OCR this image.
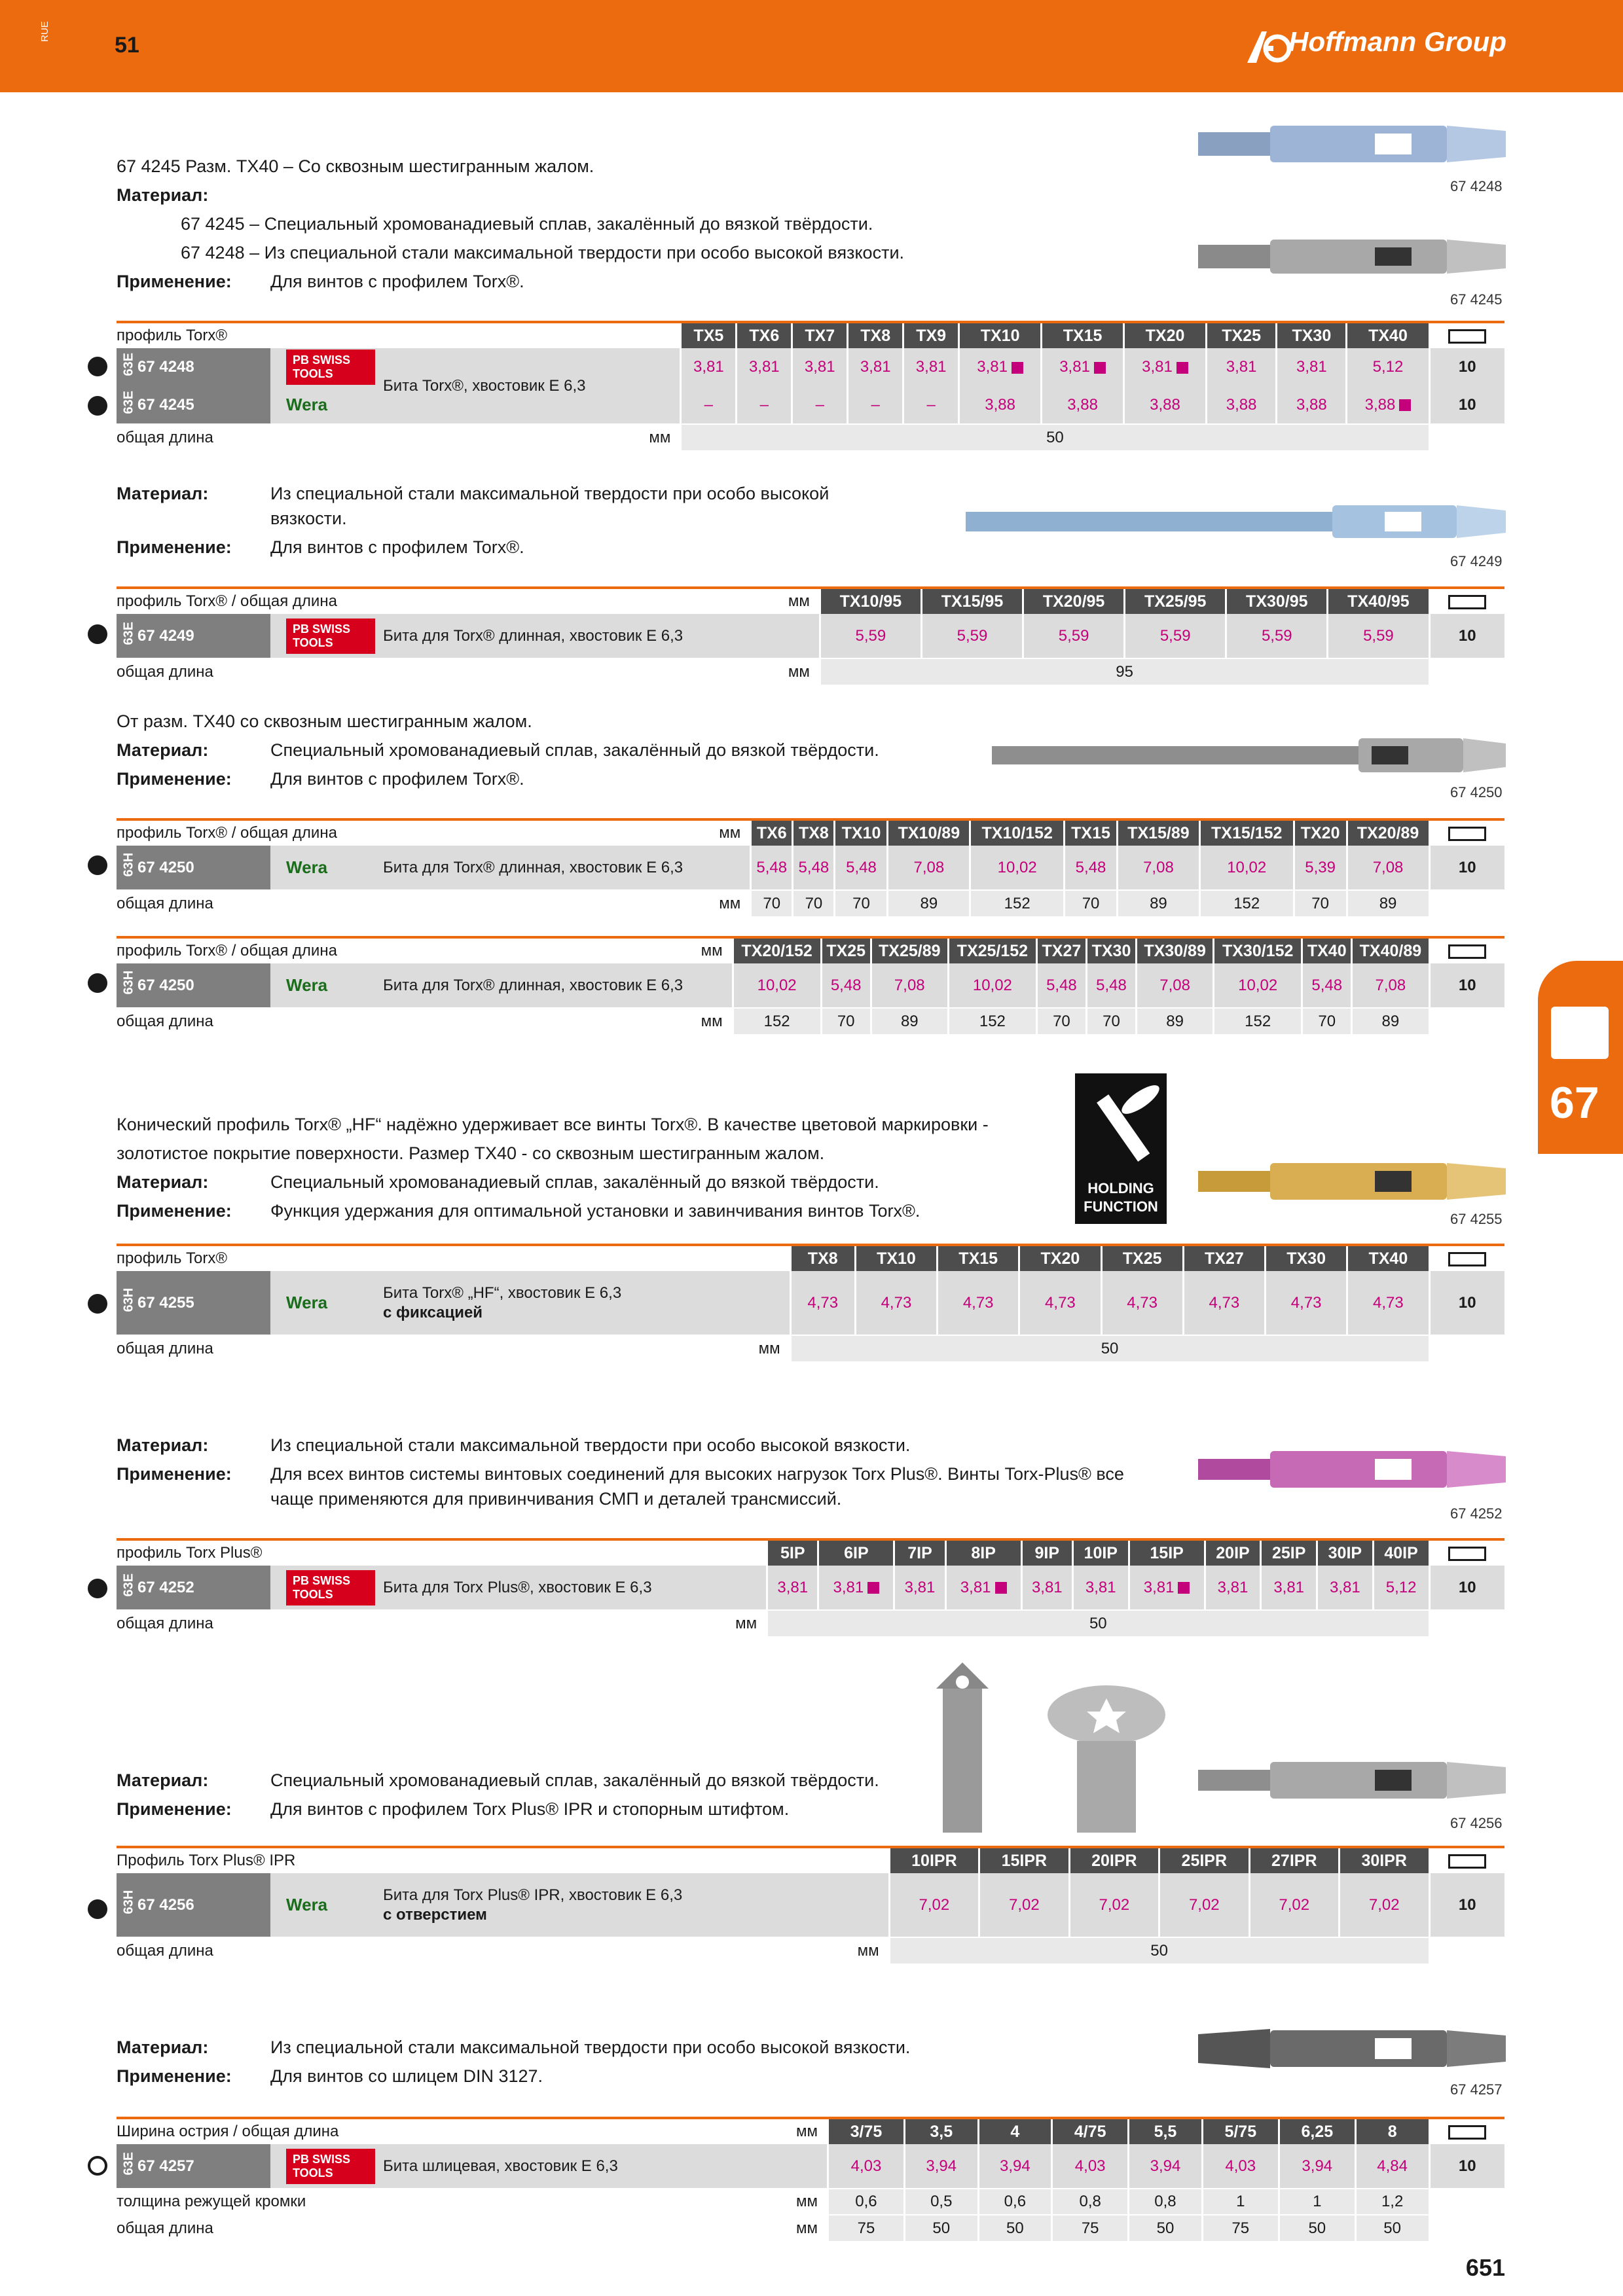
RUE
51	Hoffmann Group
67
67 4245 Разм. TX40 – Со сквозным шестигранным жалом.
Материал:
67 4245 – Специальный хромованадиевый сплав, закалённый до вязкой твёрдости.
67 4248 – Из специальной стали максимальной твердости при особо высокой вязкости.
Применение:	Для винтов с профилем Torx®.
67 4248
67 4245
профиль Torx®				TX5	TX6	TX7	TX8	TX9	TX10	TX15	TX20	TX25	TX30	TX40	
63E 67 4248	PB SWISS TOOLS	Бита Torx®, хвостовик E 6,3		3,81	3,81	3,81	3,81	3,81	3,81	3,81	3,81	3,81	3,81	5,12	10
63E 67 4245	Wera			–	–	–	–	–	3,88	3,88	3,88	3,88	3,88	3,88	10
общая длина			мм	50											
Материал:	Из специальной стали максимальной твердости при особо высокой
вязкости.
Применение:	Для винтов с профилем Torx®.
67 4249
профиль Torx® / общая длина			мм	TX10/95	TX15/95	TX20/95	TX25/95	TX30/95	TX40/95	
63E 67 4249	PB SWISS TOOLS	Бита для Torx® длинная, хвостовик E 6,3		5,59	5,59	5,59	5,59	5,59	5,59	10
общая длина			мм	95						
От разм. TX40 со сквозным шестигранным жалом.
Материал:	Специальный хромованадиевый сплав, закалённый до вязкой твёрдости.
Применение:	Для винтов с профилем Torx®.
67 4250
профиль Torx® / общая длина			мм	TX6	TX8	TX10	TX10/89	TX10/152	TX15	TX15/89	TX15/152	TX20	TX20/89	
63H 67 4250	Wera	Бита для Torx® длинная, хвостовик E 6,3		5,48	5,48	5,48	7,08	10,02	5,48	7,08	10,02	5,39	7,08	10
общая длина			мм	70	70	70	89	152	70	89	152	70	89	
профиль Torx® / общая длина			мм	TX20/152	TX25	TX25/89	TX25/152	TX27	TX30	TX30/89	TX30/152	TX40	TX40/89	
63H 67 4250	Wera	Бита для Torx® длинная, хвостовик E 6,3		10,02	5,48	7,08	10,02	5,48	5,48	7,08	10,02	5,48	7,08	10
общая длина			мм	152	70	89	152	70	70	89	152	70	89	
Конический профиль Torx® „HF“ надёжно удерживает все винты Torx®. В качестве цветовой маркировки -
золотистое покрытие поверхности. Размер TX40 - со сквозным шестигранным жалом.
Материал:	Специальный хромованадиевый сплав, закалённый до вязкой твёрдости.
Применение:	Функция удержания для оптимальной установки и завинчивания винтов Torx®.
HOLDING FUNCTION
67 4255
профиль Torx®				TX8	TX10	TX15	TX20	TX25	TX27	TX30	TX40	
63H 67 4255	Wera	Бита Torx® „HF“, хвостовик E 6,3
с фиксацией		4,73	4,73	4,73	4,73	4,73	4,73	4,73	4,73	10
общая длина			мм	50								
Материал:	Из специальной стали максимальной твердости при особо высокой вязкости.
Применение:	Для всех винтов системы винтовых соединений для высоких нагрузок Torx Plus®. Винты Torx-Plus® все
чаще применяются для привинчивания СМП и деталей трансмиссий.
67 4252
профиль Torx Plus®				5IP	6IP	7IP	8IP	9IP	10IP	15IP	20IP	25IP	30IP	40IP	
63E 67 4252	PB SWISS TOOLS	Бита для Torx Plus®, хвостовик E 6,3		3,81	3,81	3,81	3,81	3,81	3,81	3,81	3,81	3,81	3,81	5,12	10
общая длина			мм	50											
Материал:	Специальный хромованадиевый сплав, закалённый до вязкой твёрдости.
Применение:	Для винтов с профилем Torx Plus® IPR и стопорным штифтом.
67 4256
Профиль Torx Plus® IPR				10IPR	15IPR	20IPR	25IPR	27IPR	30IPR	
63H 67 4256	Wera	Бита для Torx Plus® IPR, хвостовик E 6,3
с отверстием		7,02	7,02	7,02	7,02	7,02	7,02	10
общая длина			мм	50						
Материал:	Из специальной стали максимальной твердости при особо высокой вязкости.
Применение:	Для винтов со шлицем DIN 3127.
67 4257
Ширина острия / общая длина			мм	3/75	3,5	4	4/75	5,5	5/75	6,25	8	
63E 67 4257	PB SWISS TOOLS	Бита шлицевая, хвостовик E 6,3		4,03	3,94	3,94	4,03	3,94	4,03	3,94	4,84	10
толщина режущей кромки			мм	0,6	0,5	0,6	0,8	0,8	1	1	1,2	
общая длина			мм	75	50	50	75	50	75	50	50	
651
